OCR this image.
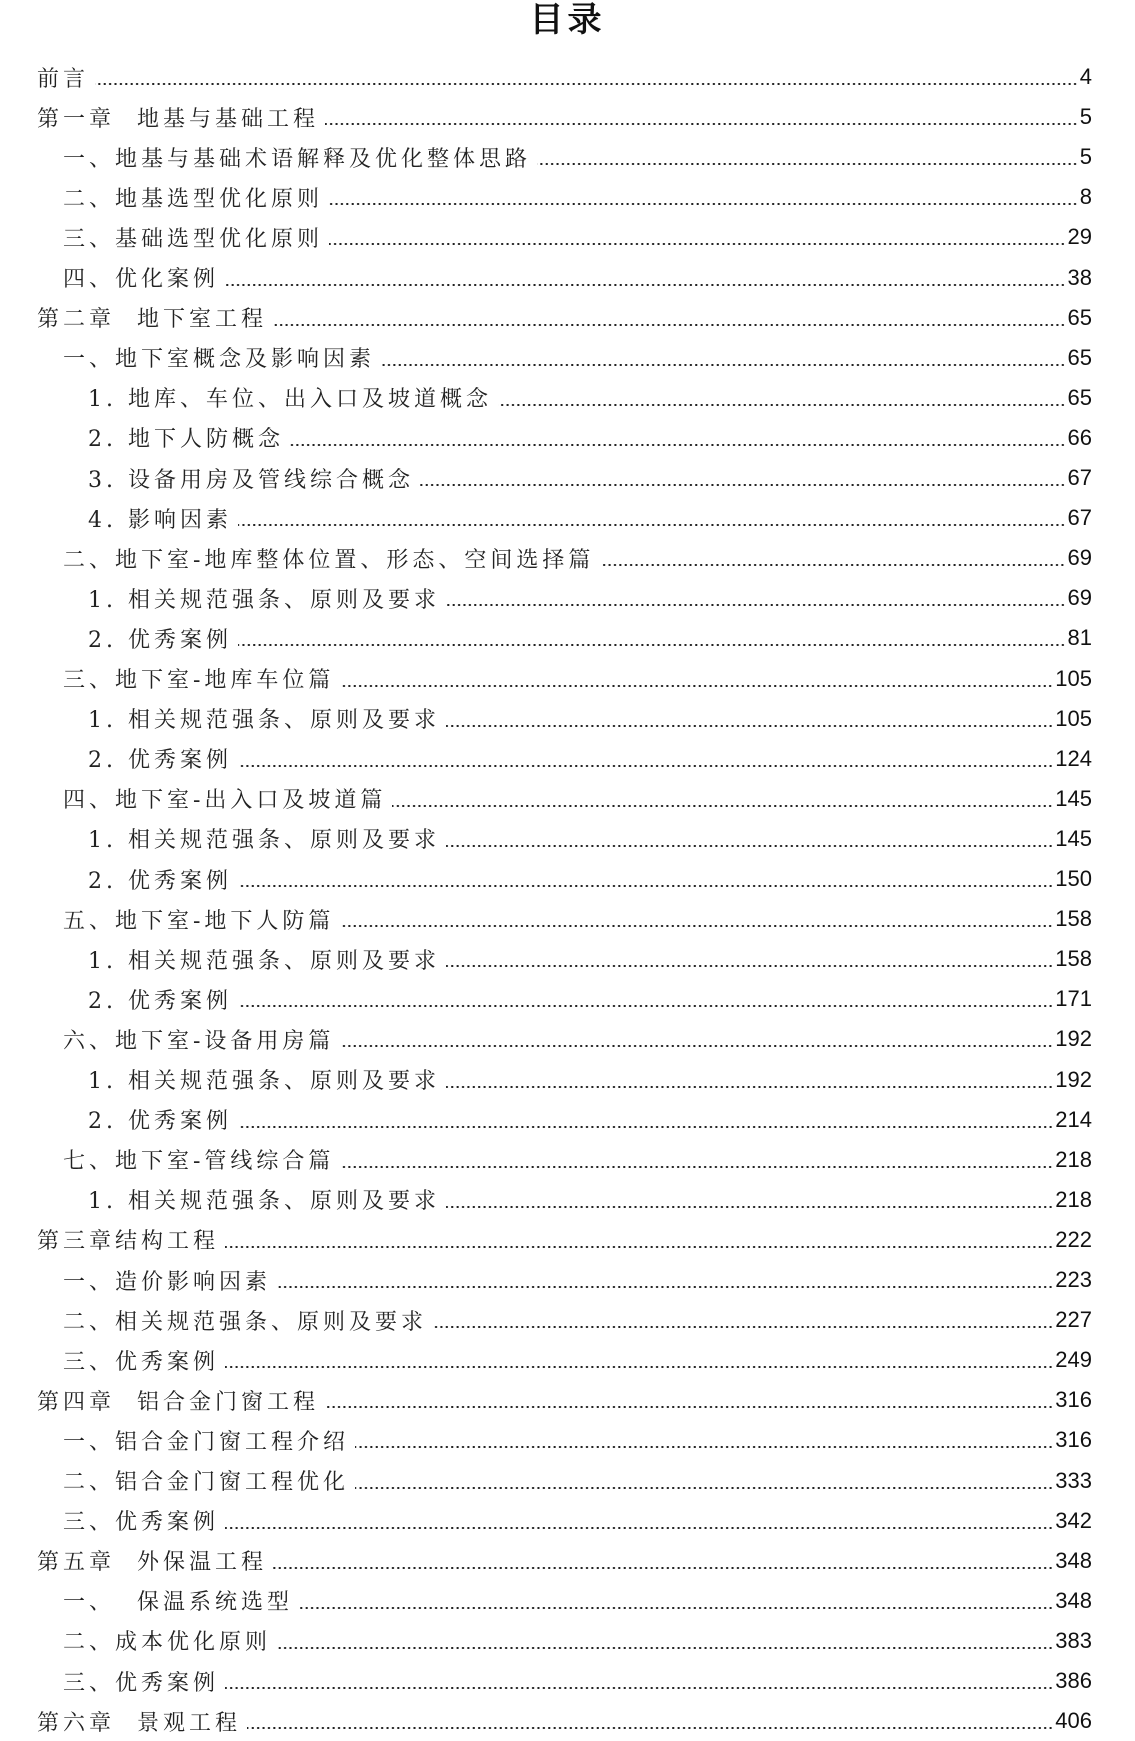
目录
前言	4
第一章  地基与基础工程	5
一、地基与基础术语解释及优化整体思路	5
二、地基选型优化原则	8
三、基础选型优化原则	29
四、优化案例	38
第二章  地下室工程	65
一、地下室概念及影响因素	65
1. 地库、车位、出入口及坡道概念	65
2. 地下人防概念	66
3. 设备用房及管线综合概念	67
4. 影响因素	67
二、地下室-地库整体位置、形态、空间选择篇	69
1. 相关规范强条、原则及要求	69
2. 优秀案例	81
三、地下室-地库车位篇	105
1. 相关规范强条、原则及要求	105
2. 优秀案例	124
四、地下室-出入口及坡道篇	145
1. 相关规范强条、原则及要求	145
2. 优秀案例	150
五、地下室-地下人防篇	158
1. 相关规范强条、原则及要求	158
2. 优秀案例	171
六、地下室-设备用房篇	192
1. 相关规范强条、原则及要求	192
2. 优秀案例	214
七、地下室-管线综合篇	218
1. 相关规范强条、原则及要求	218
第三章结构工程	222
一、造价影响因素	223
二、相关规范强条、原则及要求	227
三、优秀案例	249
第四章  铝合金门窗工程	316
一、铝合金门窗工程介绍	316
二、铝合金门窗工程优化	333
三、优秀案例	342
第五章  外保温工程	348
一、  保温系统选型	348
二、成本优化原则	383
三、优秀案例	386
第六章  景观工程	406
